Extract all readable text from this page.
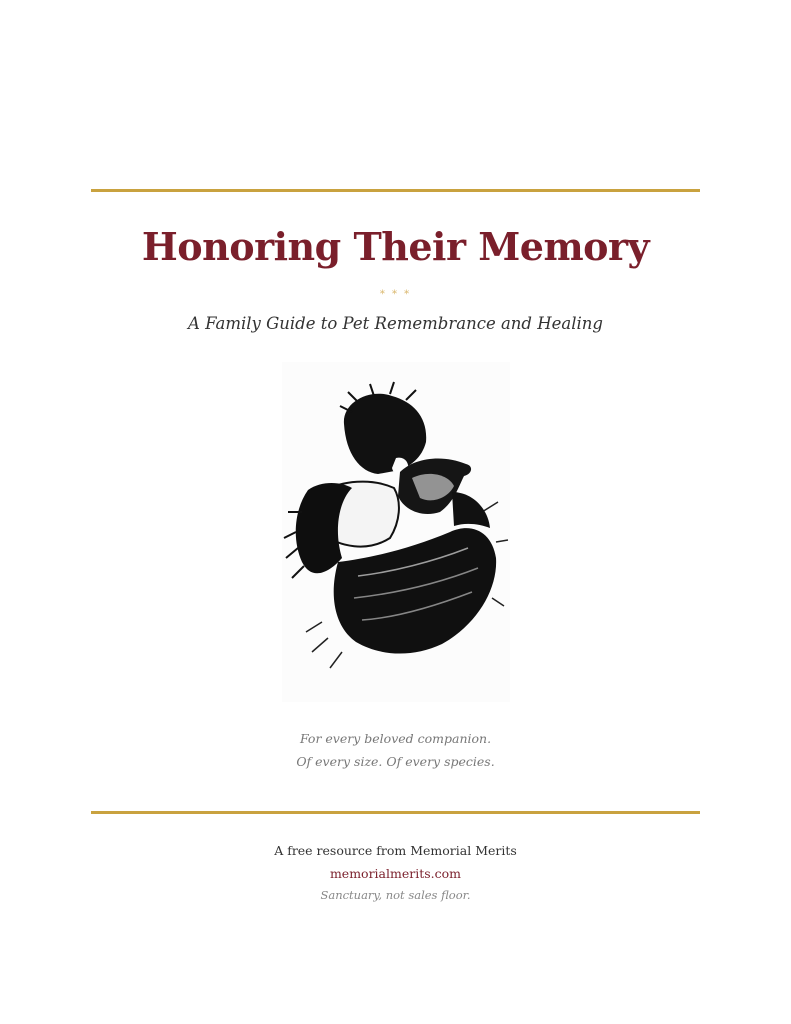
Honoring Their Memory
* * *
A Family Guide to Pet Remembrance and Healing
For every beloved companion.
Of every size. Of every species.
A free resource from Memorial Merits
memorialmerits.com
Sanctuary, not sales floor.
